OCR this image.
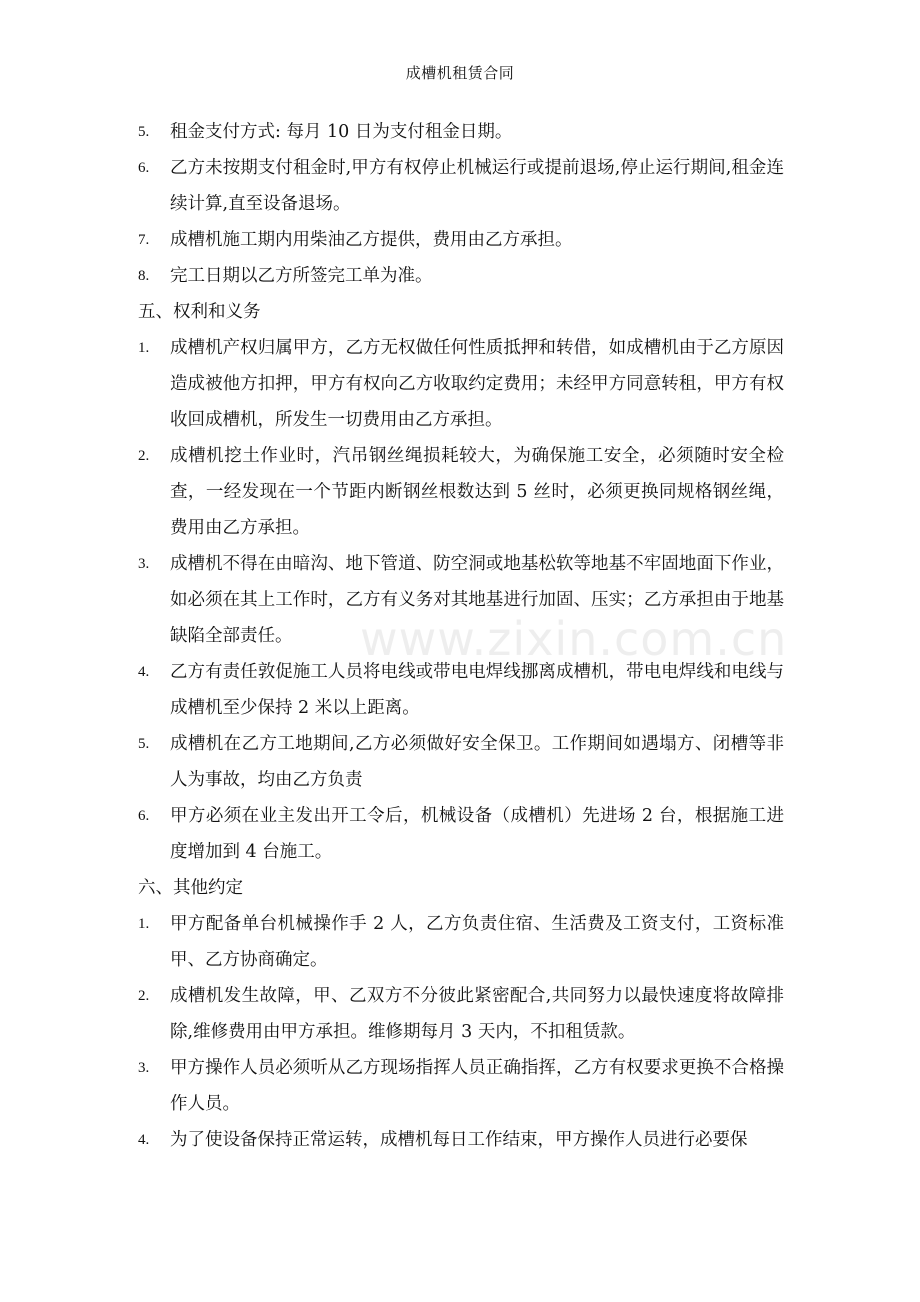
成槽机租赁合同
www.zixin.com.cn
5. 租金支付方式: 每月 10 日为支付租金日期。
6. 乙方未按期支付租金时,甲方有权停止机械运行或提前退场,停止运行期间,租金连续计算,直至设备退场。
7. 成槽机施工期内用柴油乙方提供，费用由乙方承担。
8. 完工日期以乙方所签完工单为准。
五、权利和义务
1. 成槽机产权归属甲方，乙方无权做任何性质抵押和转借，如成槽机由于乙方原因造成被他方扣押，甲方有权向乙方收取约定费用；未经甲方同意转租，甲方有权收回成槽机，所发生一切费用由乙方承担。
2. 成槽机挖土作业时，汽吊钢丝绳损耗较大，为确保施工安全，必须随时安全检查，一经发现在一个节距内断钢丝根数达到 5 丝时，必须更换同规格钢丝绳，费用由乙方承担。
3. 成槽机不得在由暗沟、地下管道、防空洞或地基松软等地基不牢固地面下作业，如必须在其上工作时，乙方有义务对其地基进行加固、压实；乙方承担由于地基缺陷全部责任。
4. 乙方有责任敦促施工人员将电线或带电电焊线挪离成槽机，带电电焊线和电线与成槽机至少保持 2 米以上距离。
5. 成槽机在乙方工地期间,乙方必须做好安全保卫。工作期间如遇塌方、闭槽等非人为事故，均由乙方负责
6. 甲方必须在业主发出开工令后，机械设备（成槽机）先进场 2 台，根据施工进度增加到 4 台施工。
六、其他约定
1. 甲方配备单台机械操作手 2 人，乙方负责住宿、生活费及工资支付，工资标准甲、乙方协商确定。
2. 成槽机发生故障，甲、乙双方不分彼此紧密配合,共同努力以最快速度将故障排除,维修费用由甲方承担。维修期每月 3 天内，不扣租赁款。
3. 甲方操作人员必须听从乙方现场指挥人员正确指挥，乙方有权要求更换不合格操作人员。
4. 为了使设备保持正常运转，成槽机每日工作结束，甲方操作人员进行必要保
